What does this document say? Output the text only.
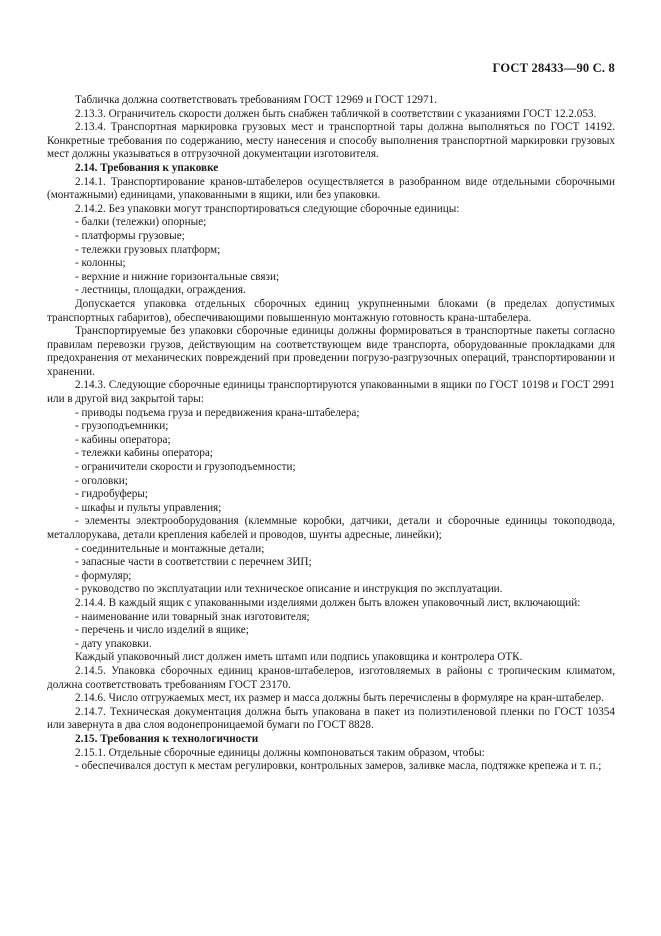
ГОСТ 28433—90 С. 8

Табличка должна соответствовать требованиям ГОСТ 12969 и ГОСТ 12971.

2.13.3. Ограничитель скорости должен быть снабжен табличкой в соответствии с указаниями ГОСТ 12.2.053.

2.13.4. Транспортная маркировка грузовых мест и транспортной тары должна выполняться по ГОСТ 14192. Конкретные требования по содержанию, месту нанесения и способу выполнения транспортной маркировки грузовых мест должны указываться в отгрузочной документации изготовителя.

2.14. Требования к упаковке

2.14.1. Транспортирование кранов-штабелеров осуществляется в разобранном виде отдельными сборочными (монтажными) единицами, упакованными в ящики, или без упаковки.

2.14.2. Без упаковки могут транспортироваться следующие сборочные единицы:

- балки (тележки) опорные;

- платформы грузовые;

- тележки грузовых платформ;

- колонны;

- верхние и нижние горизонтальные связи;

- лестницы, площадки, ограждения.

Допускается упаковка отдельных сборочных единиц укрупненными блоками (в пределах допустимых транспортных габаритов), обеспечивающими повышенную монтажную готовность крана-штабелера.

Транспортируемые без упаковки сборочные единицы должны формироваться в транспортные пакеты согласно правилам перевозки грузов, действующим на соответствующем виде транспорта, оборудованные прокладками для предохранения от механических повреждений при проведении погрузо-разгрузочных операций, транспортировании и хранении.

2.14.3. Следующие сборочные единицы транспортируются упакованными в ящики по ГОСТ 10198 и ГОСТ 2991 или в другой вид закрытой тары:

- приводы подъема груза и передвижения крана-штабелера;

- грузоподъемники;

- кабины оператора;

- тележки кабины оператора;

- ограничители скорости и грузоподъемности;

- оголовки;

- гидробуферы;

- шкафы и пульты управления;

- элементы электрооборудования (клеммные коробки, датчики, детали и сборочные единицы токоподвода, металлорукава, детали крепления кабелей и проводов, шунты адресные, линейки);

- соединительные и монтажные детали;

- запасные части в соответствии с перечнем ЗИП;

- формуляр;

- руководство по эксплуатации или техническое описание и инструкция по эксплуатации.

2.14.4. В каждый ящик с упакованными изделиями должен быть вложен упаковочный лист, включающий:

- наименование или товарный знак изготовителя;

- перечень и число изделий в ящике;

- дату упаковки.

Каждый упаковочный лист должен иметь штамп или подпись упаковщика и контролера ОТК.

2.14.5. Упаковка сборочных единиц кранов-штабелеров, изготовляемых в районы с тропическим климатом, должна соответствовать требованиям ГОСТ 23170.

2.14.6. Число отгружаемых мест, их размер и масса должны быть перечислены в формуляре на кран-штабелер.

2.14.7. Техническая документация должна быть упакована в пакет из полиэтиленовой пленки по ГОСТ 10354 или завернута в два слоя водонепроницаемой бумаги по ГОСТ 8828.

2.15. Требования к технологичности

2.15.1. Отдельные сборочные единицы должны компоноваться таким образом, чтобы:

- обеспечивался доступ к местам регулировки, контрольных замеров, заливке масла, подтяжке крепежа и т. п.;
